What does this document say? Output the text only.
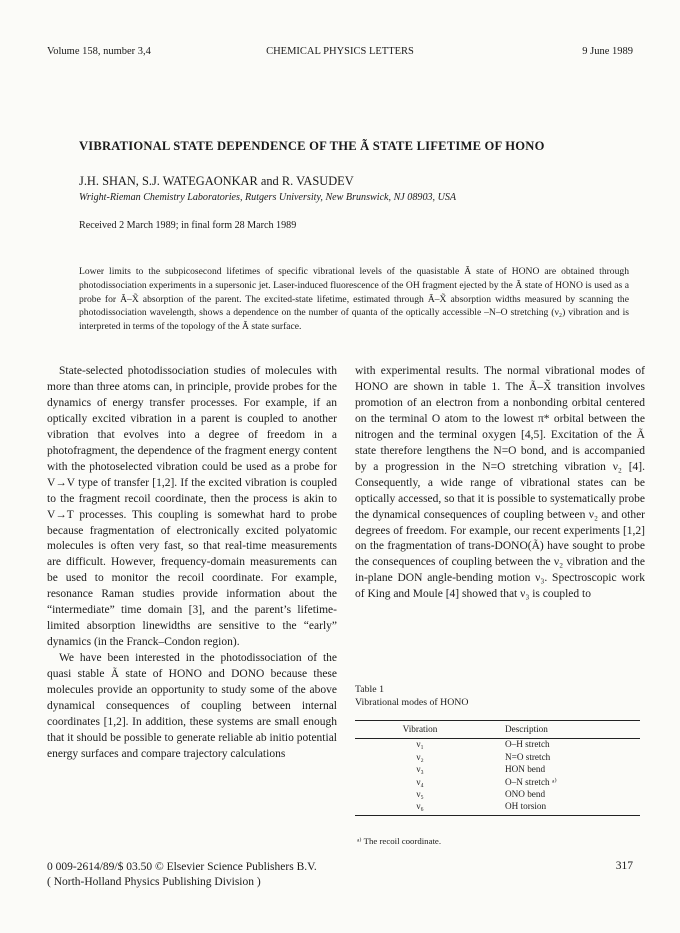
Volume 158, number 3,4	CHEMICAL PHYSICS LETTERS	9 June 1989
VIBRATIONAL STATE DEPENDENCE OF THE Ã STATE LIFETIME OF HONO
J.H. SHAN, S.J. WATEGAONKAR and R. VASUDEV
Wright-Rieman Chemistry Laboratories, Rutgers University, New Brunswick, NJ 08903, USA
Received 2 March 1989; in final form 28 March 1989
Lower limits to the subpicosecond lifetimes of specific vibrational levels of the quasistable Ã state of HONO are obtained through photodissociation experiments in a supersonic jet. Laser-induced fluorescence of the OH fragment ejected by the Ã state of HONO is used as a probe for Ã–X̃ absorption of the parent. The excited-state lifetime, estimated through Ã–X̃ absorption widths measured by scanning the photodissociation wavelength, shows a dependence on the number of quanta of the optically accessible –N–O stretching (ν₂) vibration and is interpreted in terms of the topology of the Ã state surface.

State-selected photodissociation studies of molecules with more than three atoms can, in principle, provide probes for the dynamics of energy transfer processes. For example, if an optically excited vibration in a parent is coupled to another vibration that evolves into a degree of freedom in a photofragment, the dependence of the fragment energy content with the photoselected vibration could be used as a probe for V→V type of transfer [1,2]. If the excited vibration is coupled to the fragment recoil coordinate, then the process is akin to V→T processes. This coupling is somewhat hard to probe because fragmentation of electronically excited polyatomic molecules is often very fast, so that real-time measurements are difficult. However, frequency-domain measurements can be used to monitor the recoil coordinate. For example, resonance Raman studies provide information about the “intermediate” time domain [3], and the parent’s lifetime-limited absorption linewidths are sensitive to the “early” dynamics (in the Franck–Condon region).

We have been interested in the photodissociation of the quasi stable Ã state of HONO and DONO because these molecules provide an opportunity to study some of the above dynamical consequences of coupling between internal coordinates [1,2]. In addition, these systems are small enough that it should be possible to generate reliable ab initio potential energy surfaces and compare trajectory calculations

with experimental results. The normal vibrational modes of HONO are shown in table 1. The Ã–X̃ transition involves promotion of an electron from a nonbonding orbital centered on the terminal O atom to the lowest π* orbital between the nitrogen and the terminal oxygen [4,5]. Excitation of the Ã state therefore lengthens the N=O bond, and is accompanied by a progression in the N=O stretching vibration ν₂ [4]. Consequently, a wide range of vibrational states can be optically accessed, so that it is possible to systematically probe the dynamical consequences of coupling between ν₂ and other degrees of freedom. For example, our recent experiments [1,2] on the fragmentation of trans-DONO(Ã) have sought to probe the consequences of coupling between the ν₂ vibration and the in-plane DON angle-bending motion ν₃. Spectroscopic work of King and Moule [4] showed that ν₃ is coupled to

Table 1
Vibrational modes of HONO
Vibration	Description
ν₁	O–H stretch
ν₂	N=O stretch
ν₃	HON bend
ν₄	O–N stretch ᵃ⁾
ν₅	ONO bend
ν₆	OH torsion
ᵃ⁾ The recoil coordinate.
0 009-2614/89/$ 03.50 © Elsevier Science Publishers B.V.
( North-Holland Physics Publishing Division )
317
